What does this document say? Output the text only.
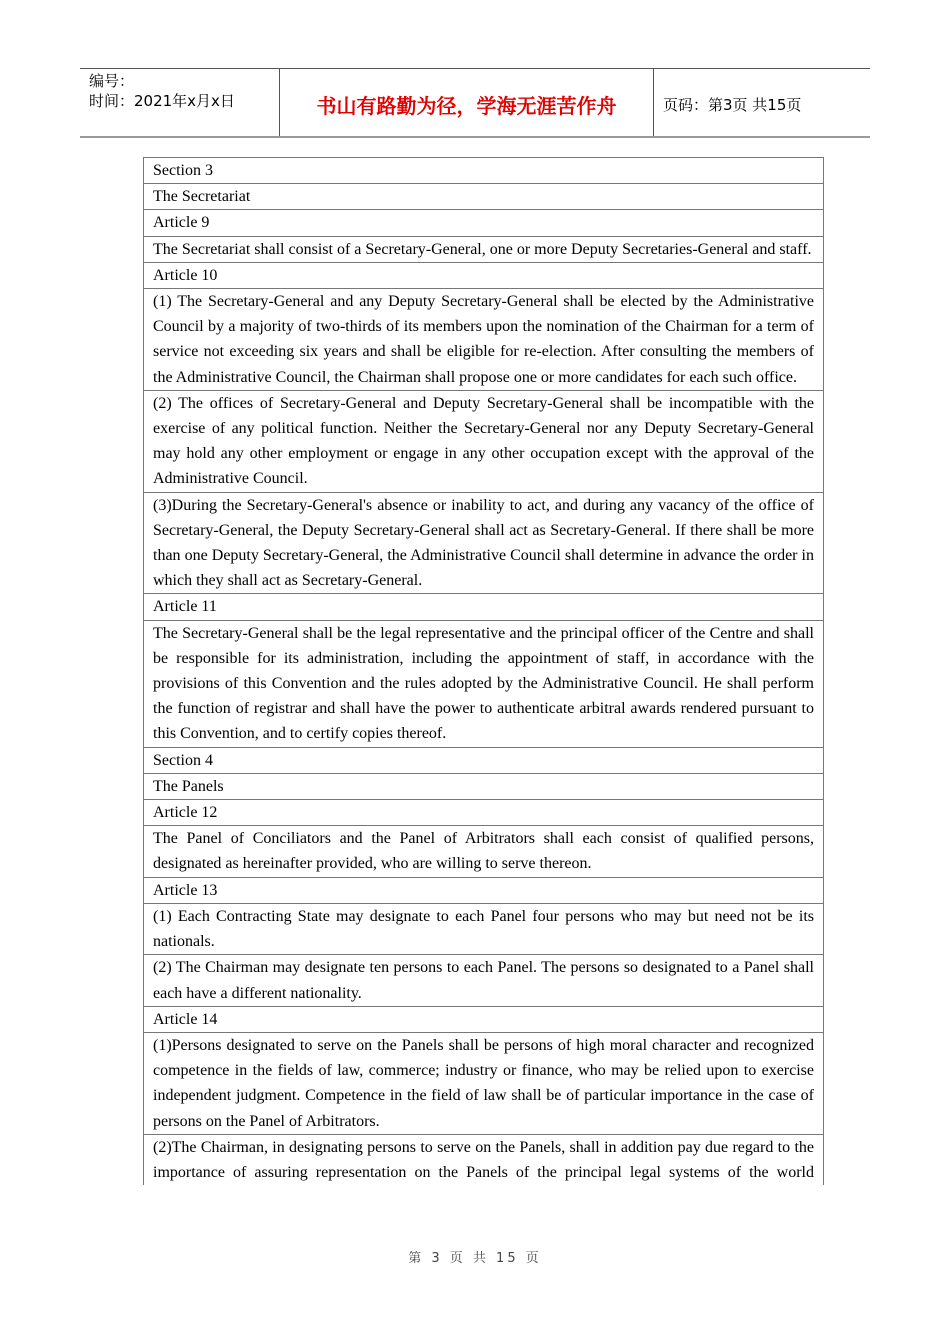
编号：
时间：2021年x月x日	书山有路勤为径，学海无涯苦作舟	页码：第3页 共15页
Section 3
The Secretariat
Article 9
The Secretariat shall consist of a Secretary-General, one or more Deputy Secretaries-General and staff.
Article 10
(1) The Secretary-General and any Deputy Secretary-General shall be elected by the Administrative Council by a majority of two-thirds of its members upon the nomination of the Chairman for a term of service not exceeding six years and shall be eligible for re-election. After consulting the members of the Administrative Council, the Chairman shall propose one or more candidates for each such office.
(2) The offices of Secretary-General and Deputy Secretary-General shall be incompatible with the exercise of any political function. Neither the Secretary-General nor any Deputy Secretary-General may hold any other employment or engage in any other occupation except with the approval of the Administrative Council.
(3)During the Secretary-General's absence or inability to act, and during any vacancy of the office of Secretary-General, the Deputy Secretary-General shall act as Secretary-General. If there shall be more than one Deputy Secretary-General, the Administrative Council shall determine in advance the order in which they shall act as Secretary-General.
Article 11
The Secretary-General shall be the legal representative and the principal officer of the Centre and shall be responsible for its administration, including the appointment of staff, in accordance with the provisions of this Convention and the rules adopted by the Administrative Council. He shall perform the function of registrar and shall have the power to authenticate arbitral awards rendered pursuant to this Convention, and to certify copies thereof.
Section 4
The Panels
Article 12
The Panel of Conciliators and the Panel of Arbitrators shall each consist of qualified persons, designated as hereinafter provided, who are willing to serve thereon.
Article 13
(1) Each Contracting State may designate to each Panel four persons who may but need not be its nationals.
(2) The Chairman may designate ten persons to each Panel. The persons so designated to a Panel shall each have a different nationality.
Article 14
(1)Persons designated to serve on the Panels shall be persons of high moral character and recognized competence in the fields of law, commerce; industry or finance, who may be relied upon to exercise independent judgment. Competence in the field of law shall be of particular importance in the case of persons on the Panel of Arbitrators.
(2)The Chairman, in designating persons to serve on the Panels, shall in addition pay due regard to the importance of assuring representation on the Panels of the principal legal systems of the world
第 3 页 共 15 页
